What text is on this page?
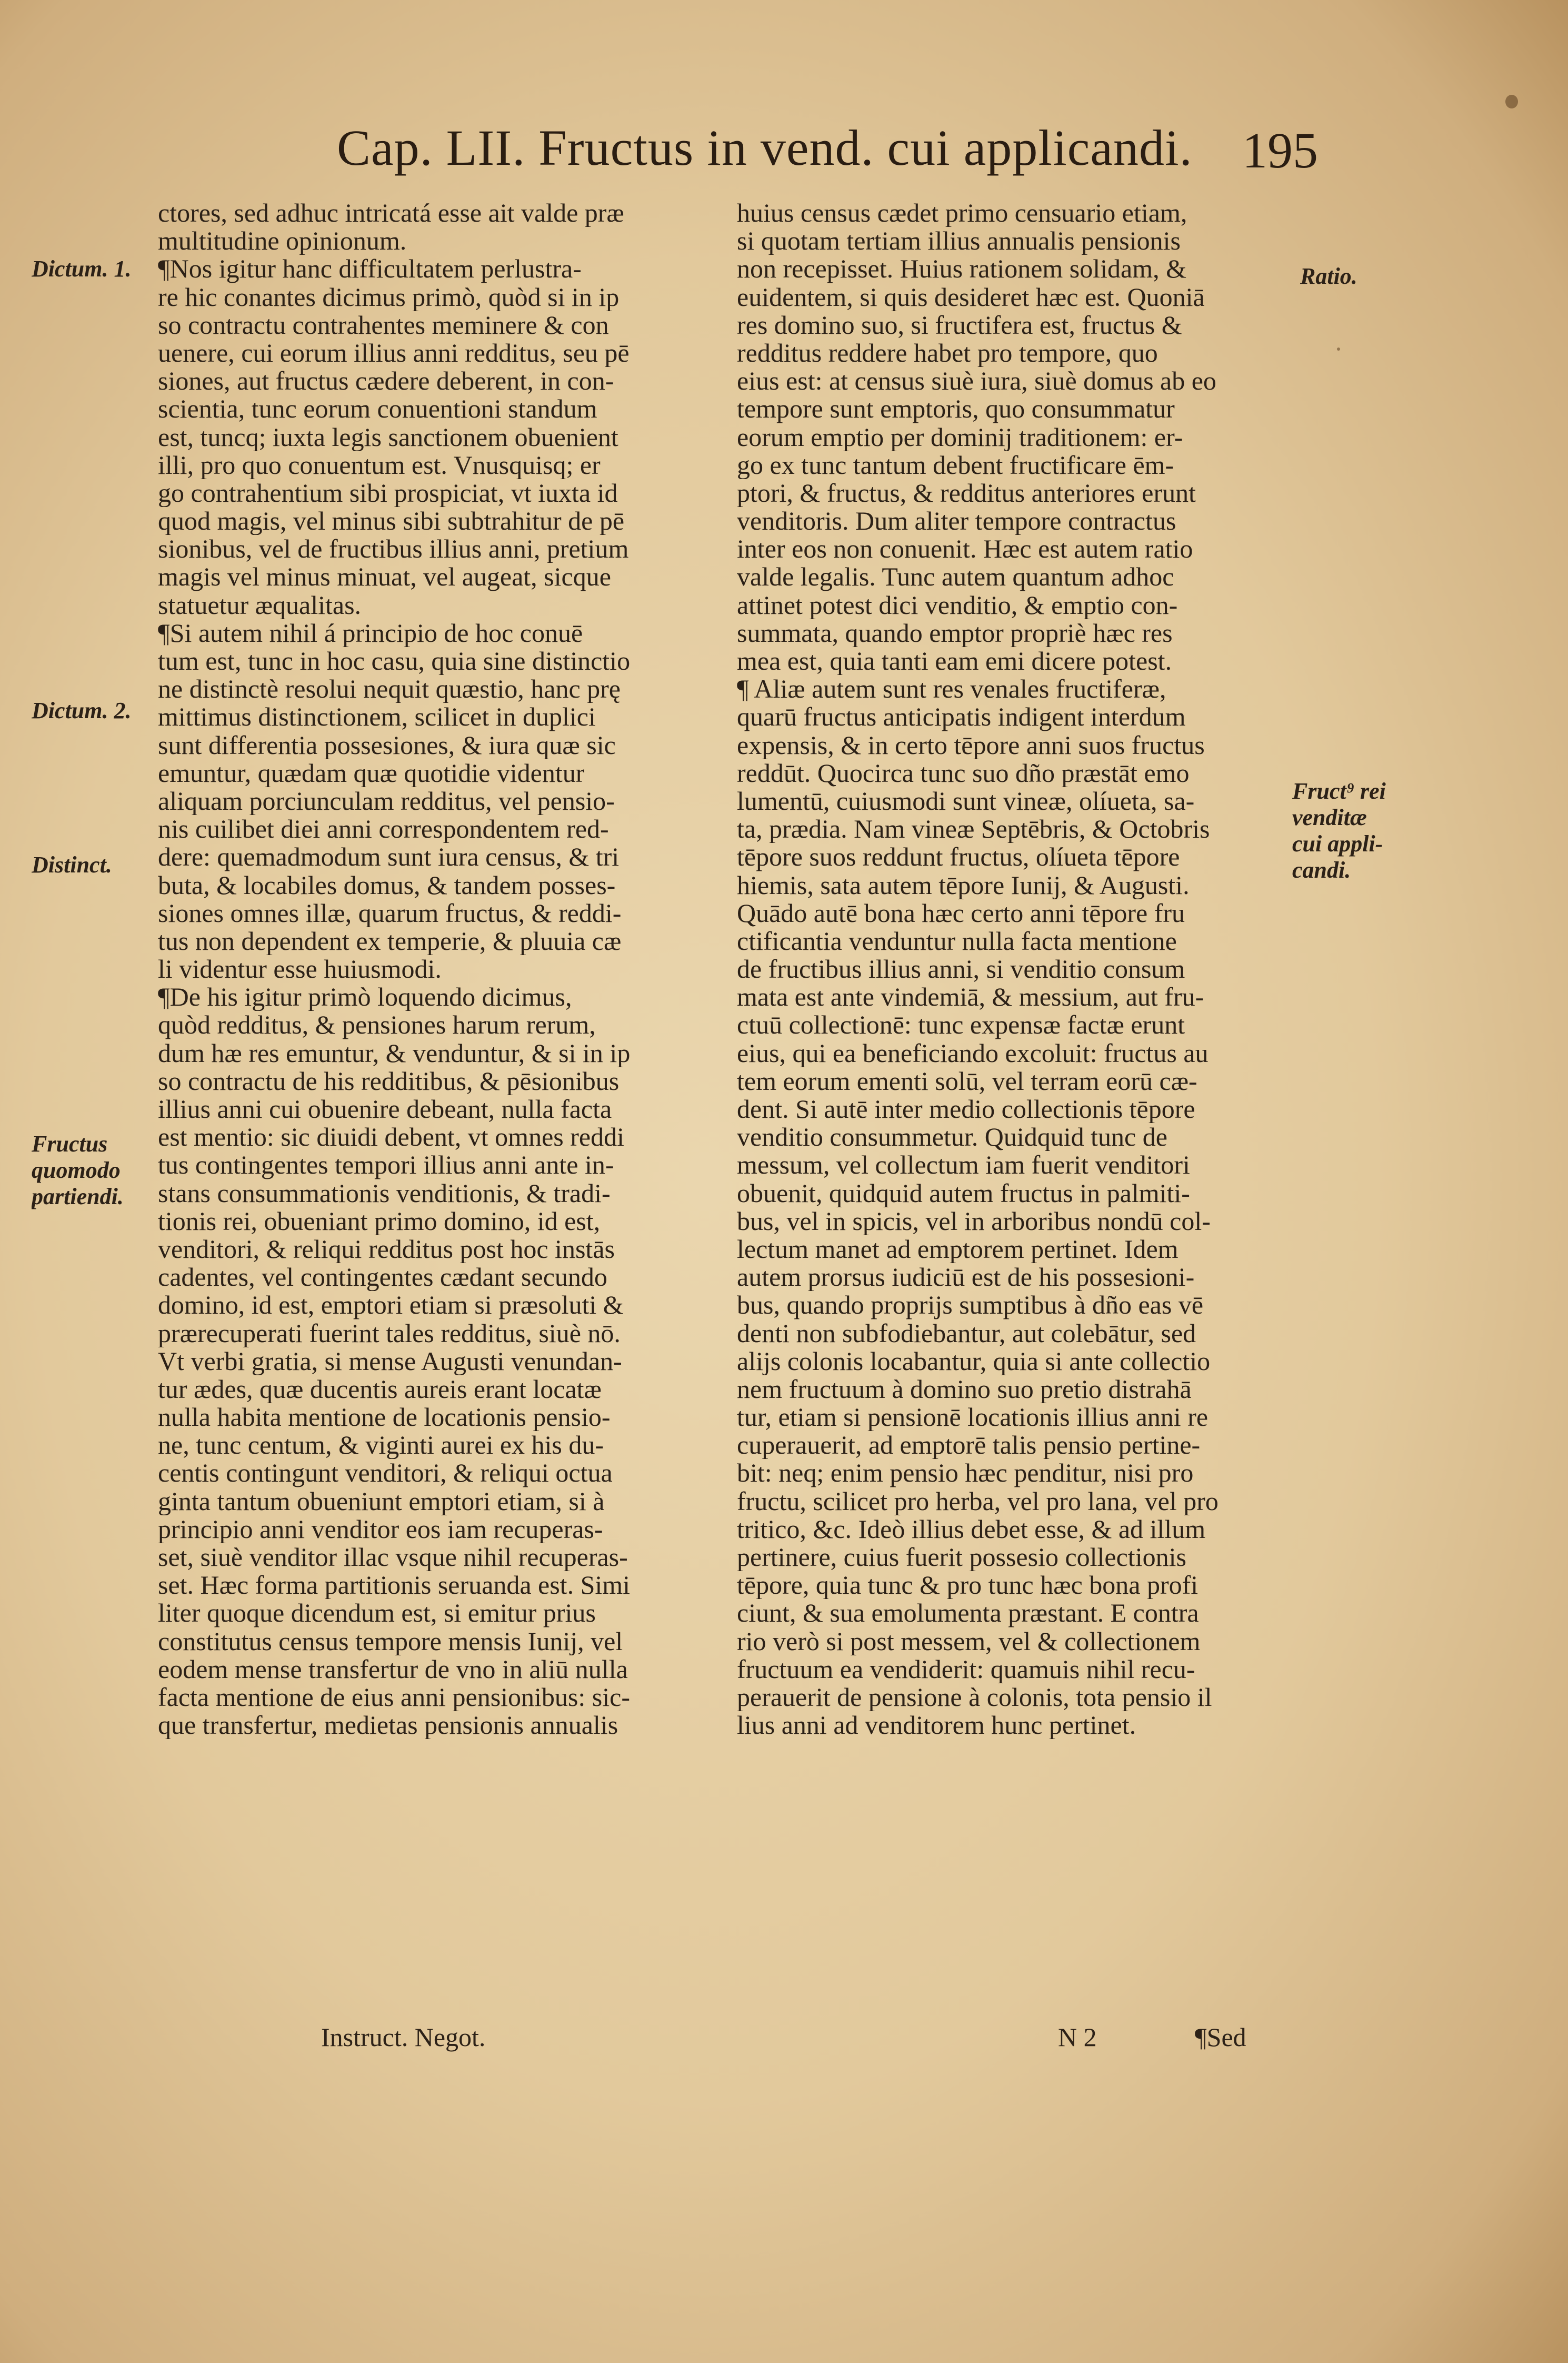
Cap. LII. Fructus in vend. cui applicandi. 195
ctores, sed adhuc intricatá esse ait valde præ
multitudine opinionum.
¶Nos igitur hanc difficultatem perlustra-
re hic conantes dicimus primò, quòd si in ip
so contractu contrahentes meminere & con
uenere, cui eorum illius anni redditus, seu pē
siones, aut fructus cædere deberent, in con-
scientia, tunc eorum conuentioni standum
est, tuncq; iuxta legis sanctionem obuenient
illi, pro quo conuentum est. Vnusquisq; er
go contrahentium sibi prospiciat, vt iuxta id
quod magis, vel minus sibi subtrahitur de pē
sionibus, vel de fructibus illius anni, pretium
magis vel minus minuat, vel augeat, sicque
statuetur æqualitas.
¶Si autem nihil á principio de hoc conuē
tum est, tunc in hoc casu, quia sine distinctio
ne distinctè resolui nequit quæstio, hanc prę
mittimus distinctionem, scilicet in duplici
sunt differentia possesiones, & iura quæ sic
emuntur, quædam quæ quotidie videntur
aliquam porciunculam redditus, vel pensio-
nis cuilibet diei anni correspondentem red-
dere: quemadmodum sunt iura census, & tri
buta, & locabiles domus, & tandem posses-
siones omnes illæ, quarum fructus, & reddi-
tus non dependent ex temperie, & pluuia cæ
li videntur esse huiusmodi.
¶De his igitur primò loquendo dicimus,
quòd redditus, & pensiones harum rerum,
dum hæ res emuntur, & venduntur, & si in ip
so contractu de his redditibus, & pēsionibus
illius anni cui obuenire debeant, nulla facta
est mentio: sic diuidi debent, vt omnes reddi
tus contingentes tempori illius anni ante in-
stans consummationis venditionis, & tradi-
tionis rei, obueniant primo domino, id est,
venditori, & reliqui redditus post hoc instās
cadentes, vel contingentes cædant secundo
domino, id est, emptori etiam si præsoluti &
prærecuperati fuerint tales redditus, siuè nō.
Vt verbi gratia, si mense Augusti venundan-
tur ædes, quæ ducentis aureis erant locatæ
nulla habita mentione de locationis pensio-
ne, tunc centum, & viginti aurei ex his du-
centis contingunt venditori, & reliqui octua
ginta tantum obueniunt emptori etiam, si à
principio anni venditor eos iam recuperas-
set, siuè venditor illac vsque nihil recuperas-
set. Hæc forma partitionis seruanda est. Simi
liter quoque dicendum est, si emitur prius
constitutus census tempore mensis Iunij, vel
eodem mense transfertur de vno in aliū nulla
facta mentione de eius anni pensionibus: sic-
que transfertur, medietas pensionis annualis
huius census cædet primo censuario etiam,
si quotam tertiam illius annualis pensionis
non recepisset. Huius rationem solidam, &
euidentem, si quis desideret hæc est. Quoniā
res domino suo, si fructifera est, fructus &
redditus reddere habet pro tempore, quo
eius est: at census siuè iura, siuè domus ab eo
tempore sunt emptoris, quo consummatur
eorum emptio per dominij traditionem: er-
go ex tunc tantum debent fructificare ēm-
ptori, & fructus, & redditus anteriores erunt
venditoris. Dum aliter tempore contractus
inter eos non conuenit. Hæc est autem ratio
valde legalis. Tunc autem quantum adhoc
attinet potest dici venditio, & emptio con-
summata, quando emptor propriè hæc res
mea est, quia tanti eam emi dicere potest.
¶ Aliæ autem sunt res venales fructiferæ,
quarū fructus anticipatis indigent interdum
expensis, & in certo tēpore anni suos fructus
reddūt. Quocirca tunc suo dño præstāt emo
lumentū, cuiusmodi sunt vineæ, olíueta, sa-
ta, prædia. Nam vineæ Septēbris, & Octobris
tēpore suos reddunt fructus, olíueta tēpore
hiemis, sata autem tēpore Iunij, & Augusti.
Quādo autē bona hæc certo anni tēpore fru
ctificantia venduntur nulla facta mentione
de fructibus illius anni, si venditio consum
mata est ante vindemiā, & messium, aut fru-
ctuū collectionē: tunc expensæ factæ erunt
eius, qui ea beneficiando excoluit: fructus au
tem eorum ementi solū, vel terram eorū cæ-
dent. Si autē inter medio collectionis tēpore
venditio consummetur. Quidquid tunc de
messum, vel collectum iam fuerit venditori
obuenit, quidquid autem fructus in palmiti-
bus, vel in spicis, vel in arboribus nondū col-
lectum manet ad emptorem pertinet. Idem
autem prorsus iudiciū est de his possesioni-
bus, quando proprijs sumptibus à dño eas vē
denti non subfodiebantur, aut colebātur, sed
alijs colonis locabantur, quia si ante collectio
nem fructuum à domino suo pretio distrahā
tur, etiam si pensionē locationis illius anni re
cuperauerit, ad emptorē talis pensio pertine-
bit: neq; enim pensio hæc penditur, nisi pro
fructu, scilicet pro herba, vel pro lana, vel pro
tritico, &c. Ideò illius debet esse, & ad illum
pertinere, cuius fuerit possesio collectionis
tēpore, quia tunc & pro tunc hæc bona profi
ciunt, & sua emolumenta præstant. E contra
rio verò si post messem, vel & collectionem
fructuum ea vendiderit: quamuis nihil recu-
perauerit de pensione à colonis, tota pensio il
lius anni ad venditorem hunc pertinet.
Dictum. 1.
Dictum. 2.
Distinct.
Fructus
quomodo
partiendi.
Ratio.
Fruct⁹ rei
venditæ
cui appli-
candi.
Instruct. Negot.	N 2	¶Sed
